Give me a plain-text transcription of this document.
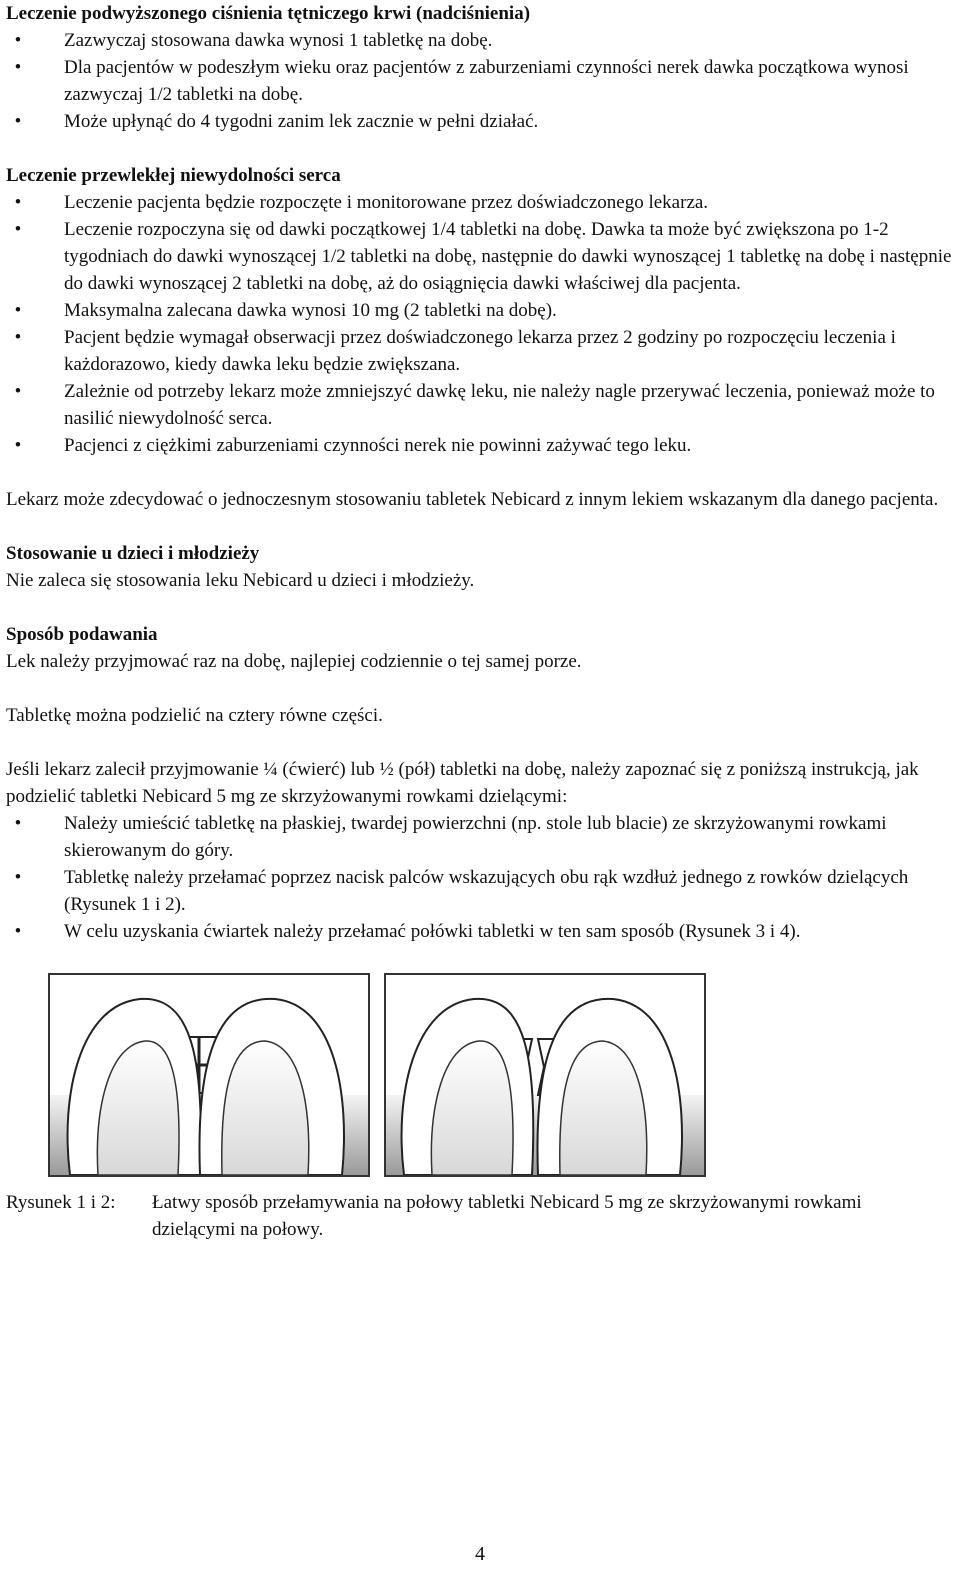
Leczenie podwyższonego ciśnienia tętniczego krwi (nadciśnienia)

•	Zazwyczaj stosowana dawka wynosi 1 tabletkę na dobę.
•	Dla pacjentów w podeszłym wieku oraz pacjentów z zaburzeniami czynności nerek dawka początkowa wynosi zazwyczaj 1/2 tabletki na dobę.
•	Może upłynąć do 4 tygodni zanim lek zacznie w pełni działać.

Leczenie przewlekłej niewydolności serca

•	Leczenie pacjenta będzie rozpoczęte i monitorowane przez doświadczonego lekarza.
•	Leczenie rozpoczyna się od dawki początkowej 1/4 tabletki na dobę. Dawka ta może być zwiększona po 1-2 tygodniach do dawki wynoszącej 1/2 tabletki na dobę, następnie do dawki wynoszącej 1 tabletkę na dobę i następnie do dawki wynoszącej 2 tabletki na dobę, aż do osiągnięcia dawki właściwej dla pacjenta.
•	Maksymalna zalecana dawka wynosi 10 mg (2 tabletki na dobę).
•	Pacjent będzie wymagał obserwacji przez doświadczonego lekarza przez 2 godziny po rozpoczęciu leczenia i każdorazowo, kiedy dawka leku będzie zwiększana.
•	Zależnie od potrzeby lekarz może zmniejszyć dawkę leku, nie należy nagle przerywać leczenia, ponieważ może to nasilić niewydolność serca.
•	Pacjenci z ciężkimi zaburzeniami czynności nerek nie powinni zażywać tego leku.

Lekarz może zdecydować o jednoczesnym stosowaniu tabletek Nebicard z innym lekiem wskazanym dla danego pacjenta.

Stosowanie u dzieci i młodzieży

Nie zaleca się stosowania leku Nebicard u dzieci i młodzieży.

Sposób podawania

Lek należy przyjmować raz na dobę, najlepiej codziennie o tej samej porze.

Tabletkę można podzielić na cztery równe części.

Jeśli lekarz zalecił przyjmowanie ¼ (ćwierć) lub ½ (pół) tabletki na dobę, należy zapoznać się z poniższą instrukcją, jak podzielić tabletki Nebicard 5 mg ze skrzyżowanymi rowkami dzielącymi:

•	Należy umieścić tabletkę na płaskiej, twardej powierzchni (np. stole lub blacie) ze skrzyżowanymi rowkami skierowanym do góry.
•	Tabletkę należy przełamać poprzez nacisk palców wskazujących obu rąk wzdłuż jednego z rowków dzielących (Rysunek 1 i 2).
•	W celu uzyskania ćwiartek należy przełamać połówki tabletki w ten sam sposób (Rysunek 3 i 4).
Rysunek 1 i 2: Łatwy sposób przełamywania na połowy tabletki Nebicard 5 mg ze skrzyżowanymi rowkami dzielącymi na połowy.
4
